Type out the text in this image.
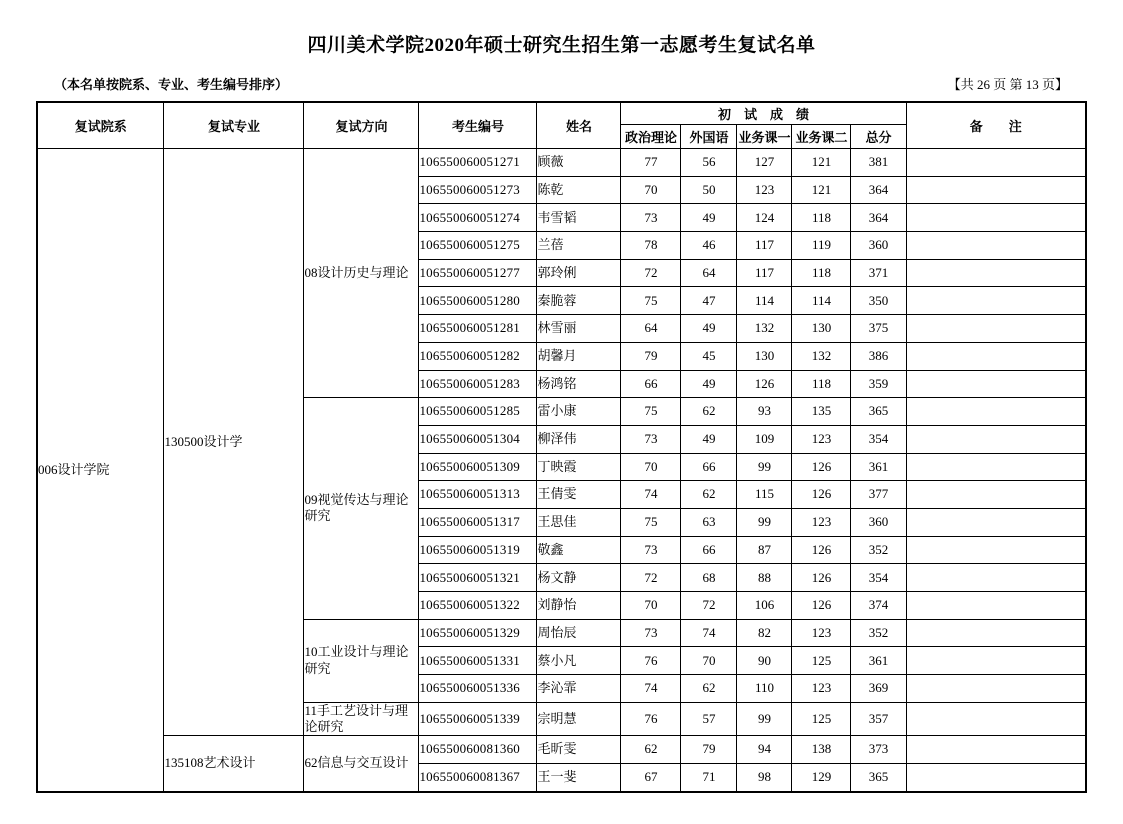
四川美术学院2020年硕士研究生招生第一志愿考生复试名单
（本名单按院系、专业、考生编号排序）	【共 26 页 第 13 页】
复试院系	复试专业	复试方向	考生编号	姓名	初　试　成　绩					备　　注
					政治理论	外国语	业务课一	业务课二	总分	
006设计学院	130500设计学	08设计历史与理论	106550060051271	顾薇	77	56	127	121	381	
			106550060051273	陈乾	70	50	123	121	364	
			106550060051274	韦雪韬	73	49	124	118	364	
			106550060051275	兰蓓	78	46	117	119	360	
			106550060051277	郭玲俐	72	64	117	118	371	
			106550060051280	秦脆蓉	75	47	114	114	350	
			106550060051281	林雪丽	64	49	132	130	375	
			106550060051282	胡馨月	79	45	130	132	386	
			106550060051283	杨鸿铭	66	49	126	118	359	
		09视觉传达与理论研究	106550060051285	雷小康	75	62	93	135	365	
			106550060051304	柳泽伟	73	49	109	123	354	
			106550060051309	丁映霞	70	66	99	126	361	
			106550060051313	王倩雯	74	62	115	126	377	
			106550060051317	王思佳	75	63	99	123	360	
			106550060051319	敬鑫	73	66	87	126	352	
			106550060051321	杨文静	72	68	88	126	354	
			106550060051322	刘静怡	70	72	106	126	374	
		10工业设计与理论研究	106550060051329	周怡辰	73	74	82	123	352	
			106550060051331	蔡小凡	76	70	90	125	361	
			106550060051336	李沁霏	74	62	110	123	369	
		11手工艺设计与理论研究	106550060051339	宗明慧	76	57	99	125	357	
	135108艺术设计	62信息与交互设计	106550060081360	毛昕雯	62	79	94	138	373	
			106550060081367	王一斐	67	71	98	129	365	
